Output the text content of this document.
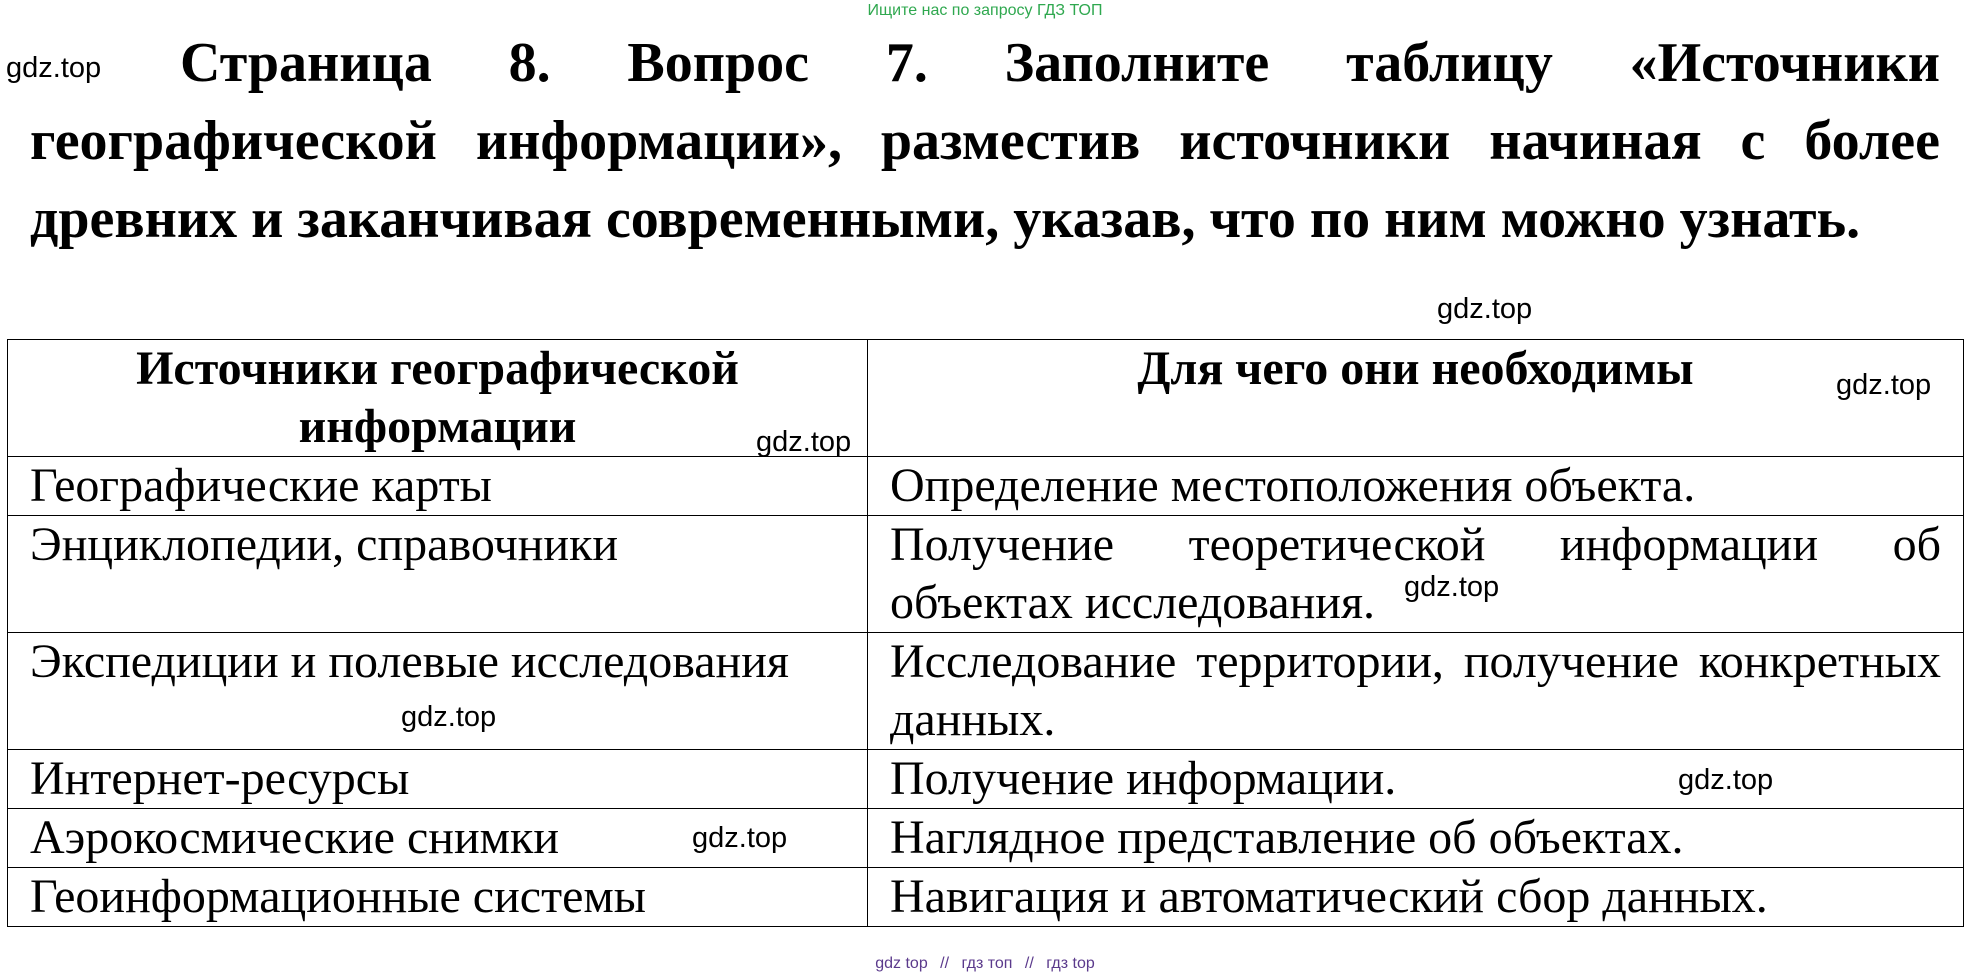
Ищите нас по запросу ГДЗ ТОП
Страница 8. Вопрос 7. Заполните таблицу «Источники географической информации», разместив источники начиная с более древних и заканчивая современными, указав, что по ним можно узнать.
Источники географической информации	Для чего они необходимы
Географические карты	Определение местоположения объекта.
Энциклопедии, справочники	Получение теоретической информации об объектах исследования.
Экспедиции и полевые исследования	Исследование территории, получение конкретных данных.
Интернет-ресурсы	Получение информации.
Аэрокосмические снимки	Наглядное представление об объектах.
Геоинформационные системы	Навигация и автоматический сбор данных.
gdz.top
gdz.top
gdz.top
gdz.top
gdz.top
gdz.top
gdz.top
gdz.top
gdz top // гдз топ // гдз top
